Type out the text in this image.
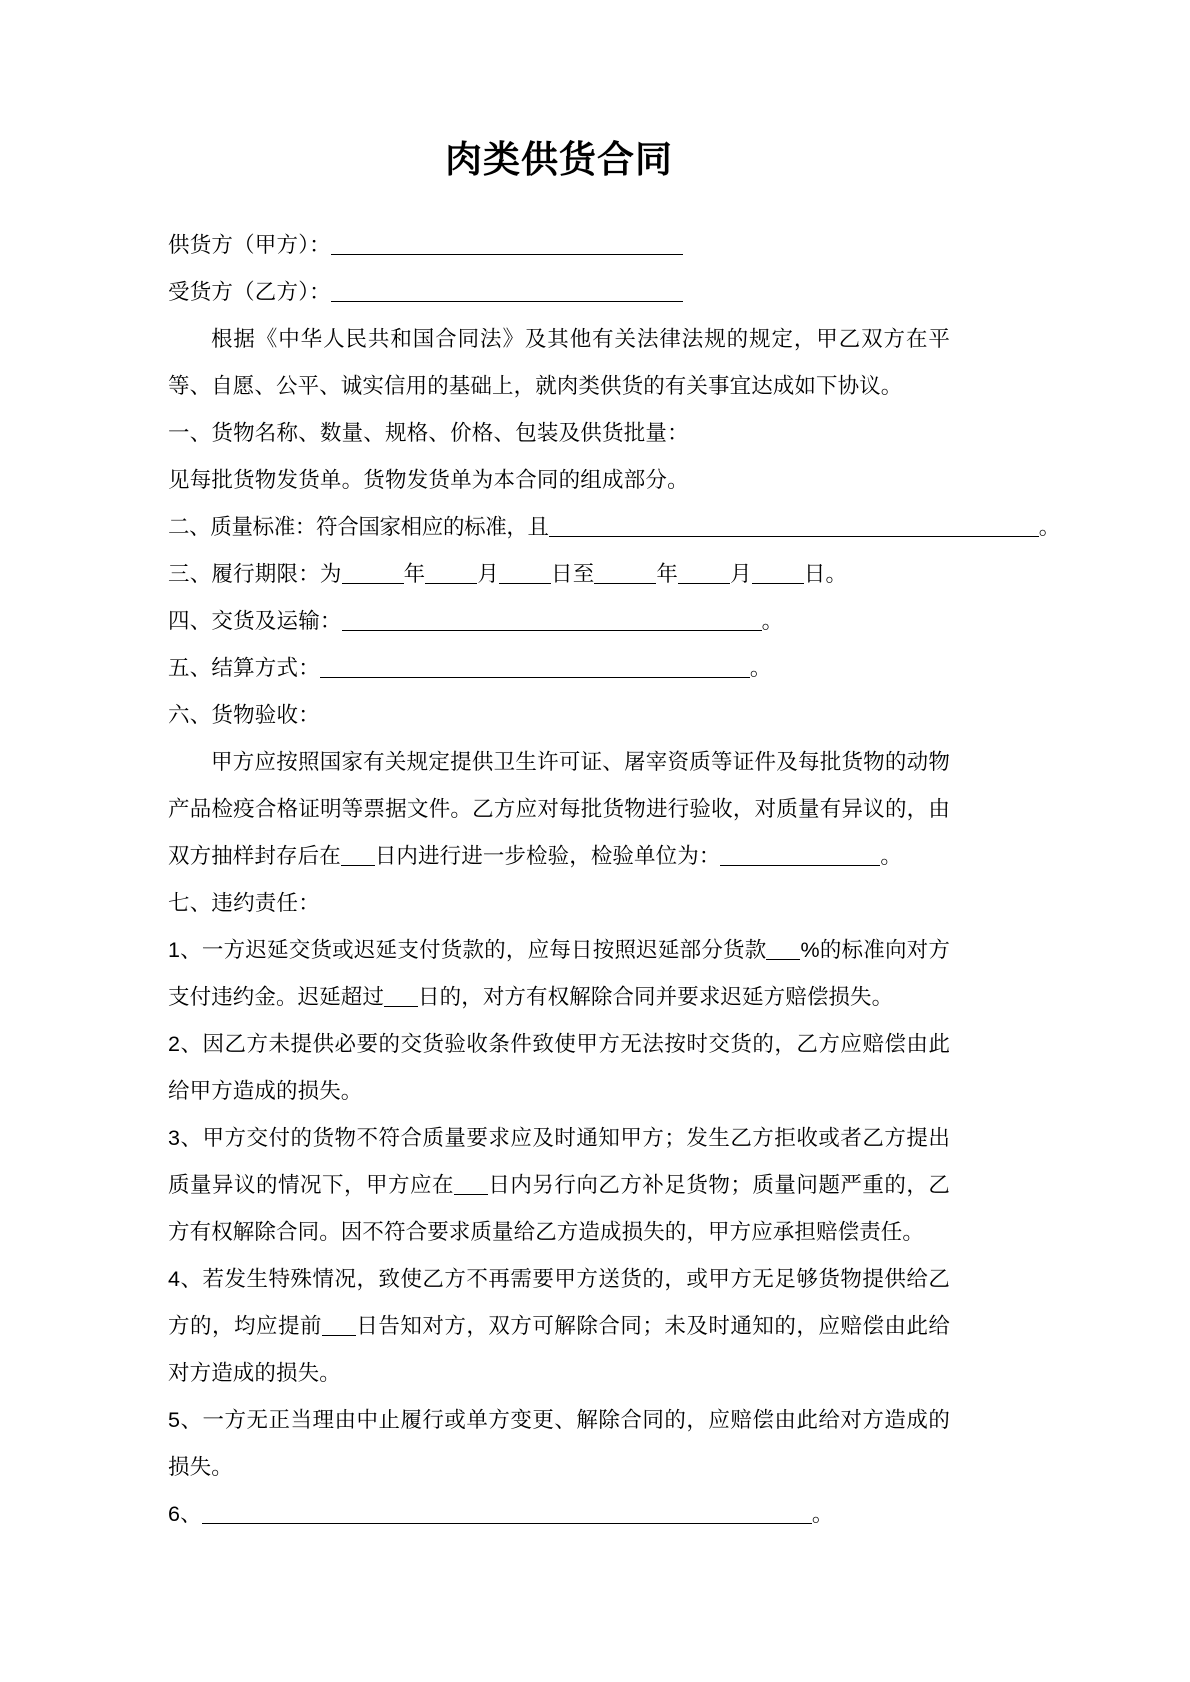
肉类供货合同
供货方（甲方）：
受货方（乙方）：
根据《中华人民共和国合同法》及其他有关法律法规的规定，甲乙双方在平等、自愿、公平、诚实信用的基础上，就肉类供货的有关事宜达成如下协议。
一、货物名称、数量、规格、价格、包装及供货批量：
见每批货物发货单。货物发货单为本合同的组成部分。
二、质量标准：符合国家相应的标准，且	。
三、履行期限：为	年 月 日至	年 月 日。
四、交货及运输：	。
五、结算方式：	。
六、货物验收：
甲方应按照国家有关规定提供卫生许可证、屠宰资质等证件及每批货物的动物产品检疫合格证明等票据文件。乙方应对每批货物进行验收，对质量有异议的，由双方抽样封存后在 日内进行进一步检验，检验单位为：	。
七、违约责任：
1、一方迟延交货或迟延支付货款的，应每日按照迟延部分货款 %的标准向对方支付违约金。迟延超过 日的，对方有权解除合同并要求迟延方赔偿损失。
2、因乙方未提供必要的交货验收条件致使甲方无法按时交货的，乙方应赔偿由此给甲方造成的损失。
3、甲方交付的货物不符合质量要求应及时通知甲方；发生乙方拒收或者乙方提出质量异议的情况下，甲方应在 日内另行向乙方补足货物；质量问题严重的，乙方有权解除合同。因不符合要求质量给乙方造成损失的，甲方应承担赔偿责任。
4、若发生特殊情况，致使乙方不再需要甲方送货的，或甲方无足够货物提供给乙方的，均应提前 日告知对方，双方可解除合同；未及时通知的，应赔偿由此给对方造成的损失。
5、一方无正当理由中止履行或单方变更、解除合同的，应赔偿由此给对方造成的损失。
6、	。
